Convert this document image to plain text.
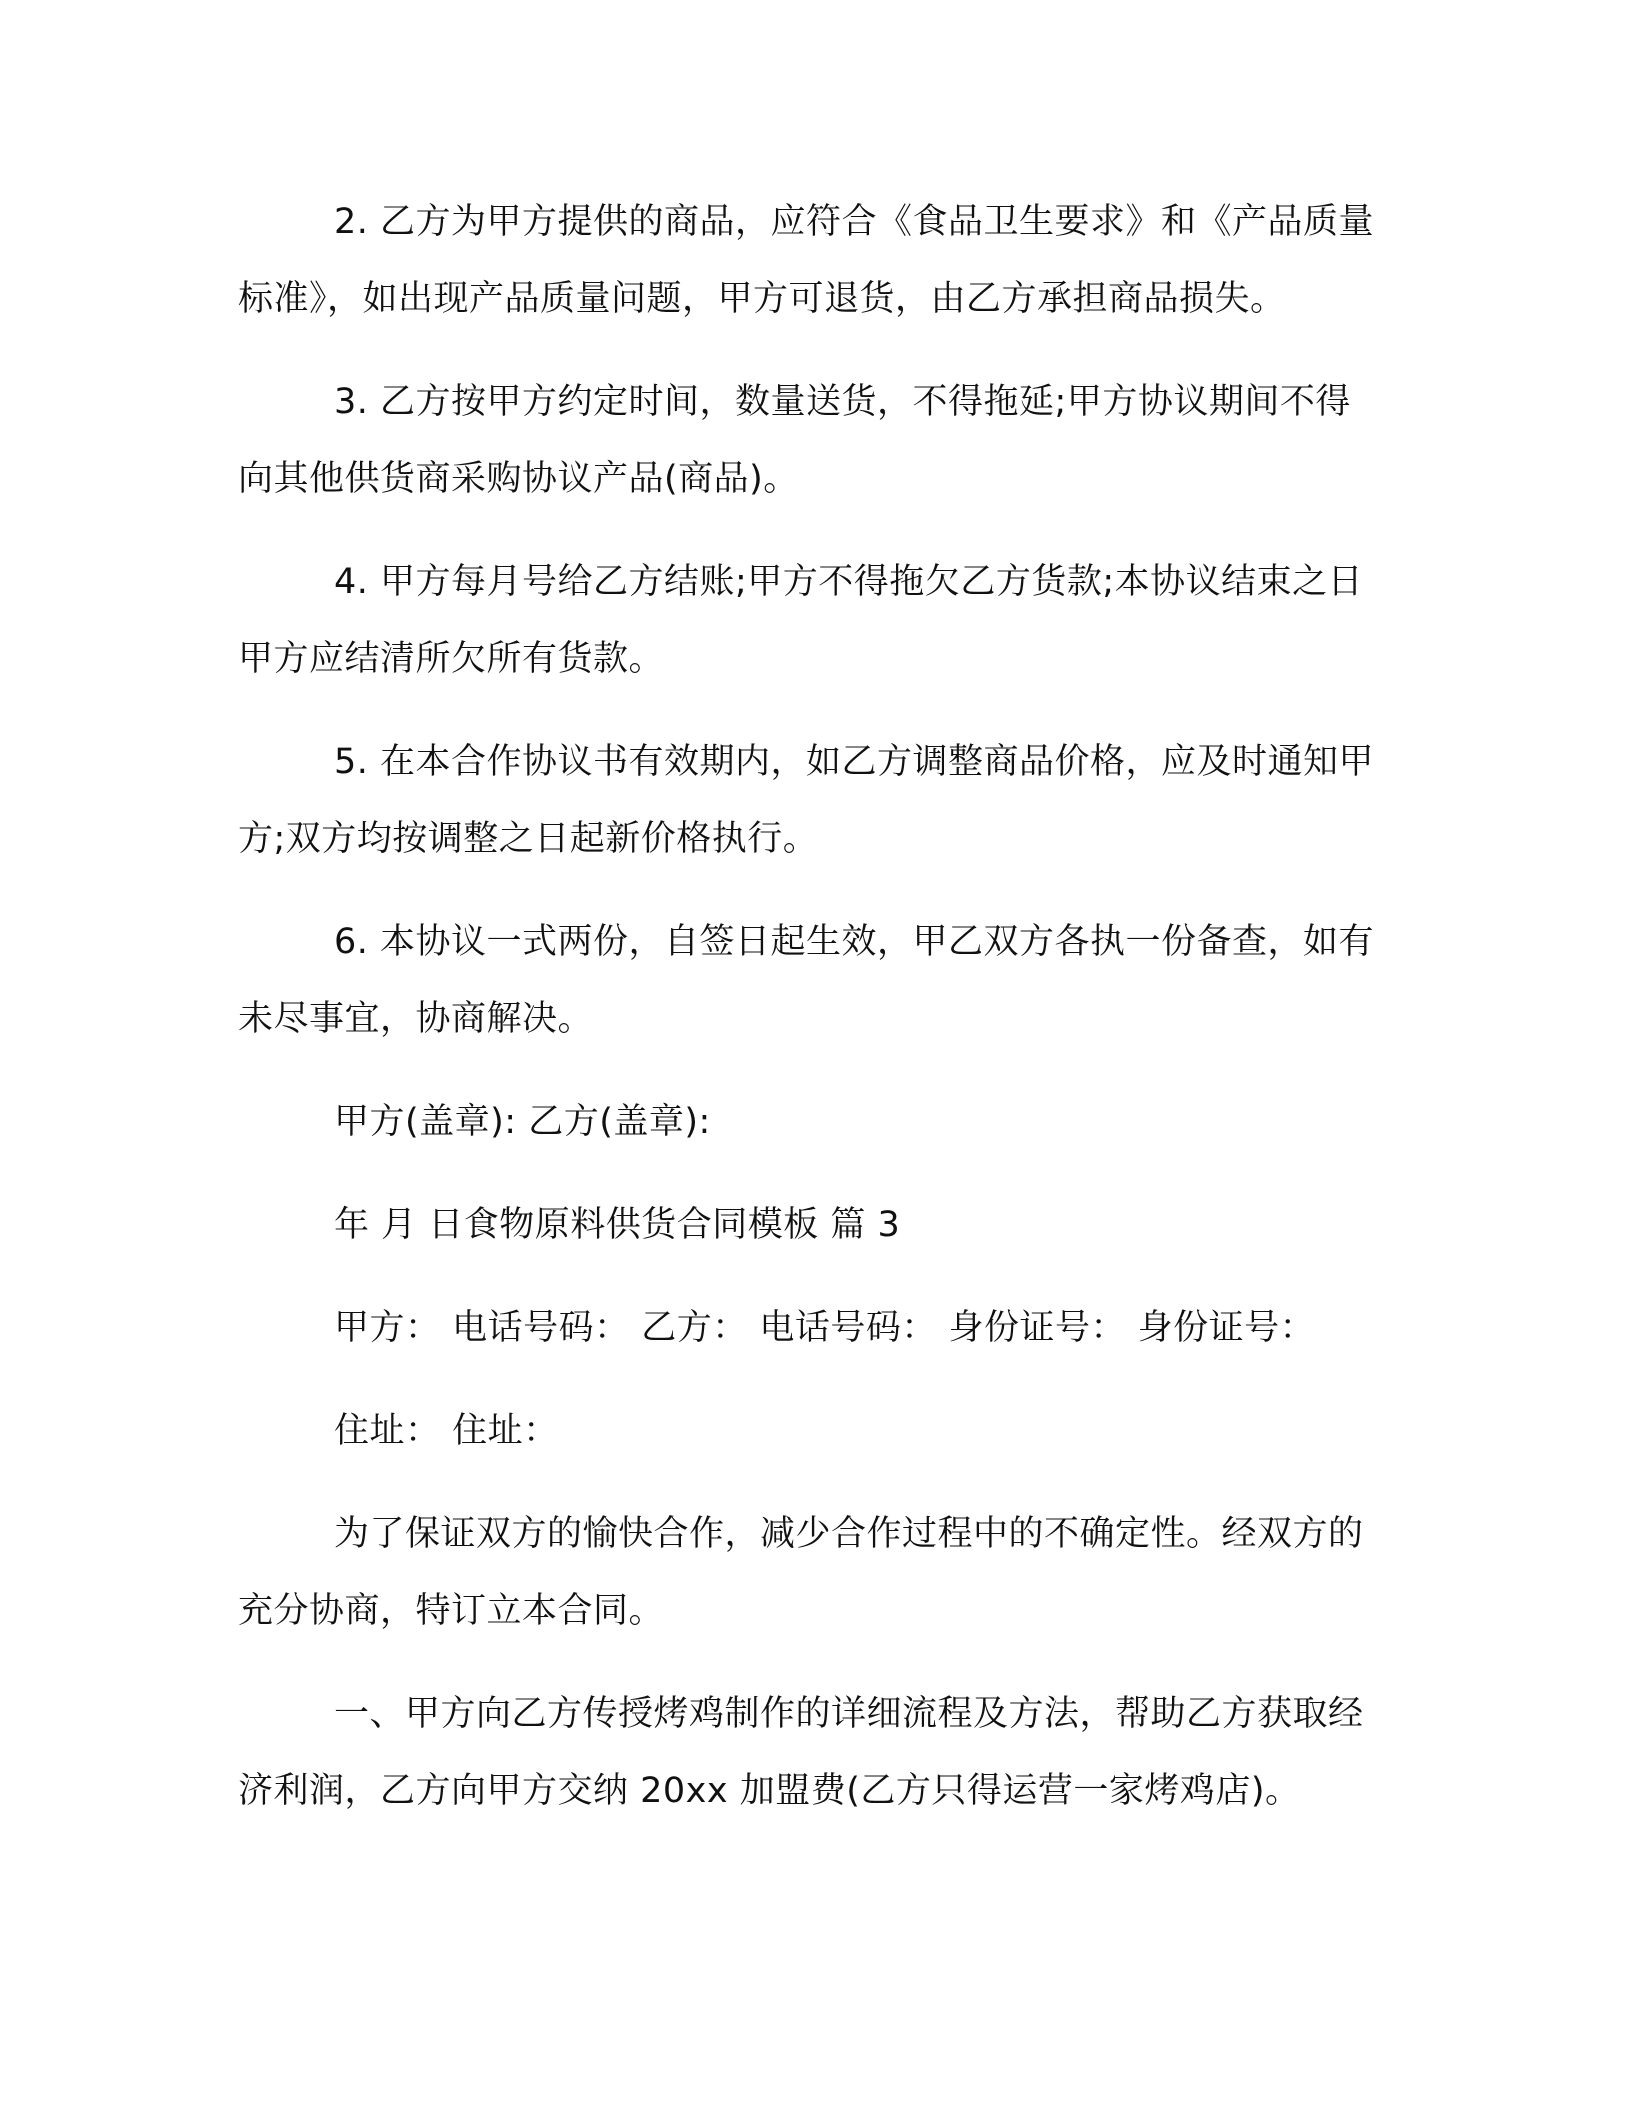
2. 乙方为甲方提供的商品，应符合《食品卫生要求》和《产品质量标准》，如出现产品质量问题，甲方可退货，由乙方承担商品损失。

3. 乙方按甲方约定时间，数量送货，不得拖延;甲方协议期间不得向其他供货商采购协议产品(商品)。

4. 甲方每月号给乙方结账;甲方不得拖欠乙方货款;本协议结束之日甲方应结清所欠所有货款。

5. 在本合作协议书有效期内，如乙方调整商品价格，应及时通知甲方;双方均按调整之日起新价格执行。

6. 本协议一式两份，自签日起生效，甲乙双方各执一份备查，如有未尽事宜，协商解决。

甲方(盖章): 乙方(盖章):

年 月 日食物原料供货合同模板 篇 3

甲方： 电话号码： 乙方： 电话号码： 身份证号： 身份证号：

住址： 住址：

为了保证双方的愉快合作，减少合作过程中的不确定性。经双方的充分协商，特订立本合同。

一、甲方向乙方传授烤鸡制作的详细流程及方法，帮助乙方获取经济利润，乙方向甲方交纳 20xx 加盟费(乙方只得运营一家烤鸡店)。
